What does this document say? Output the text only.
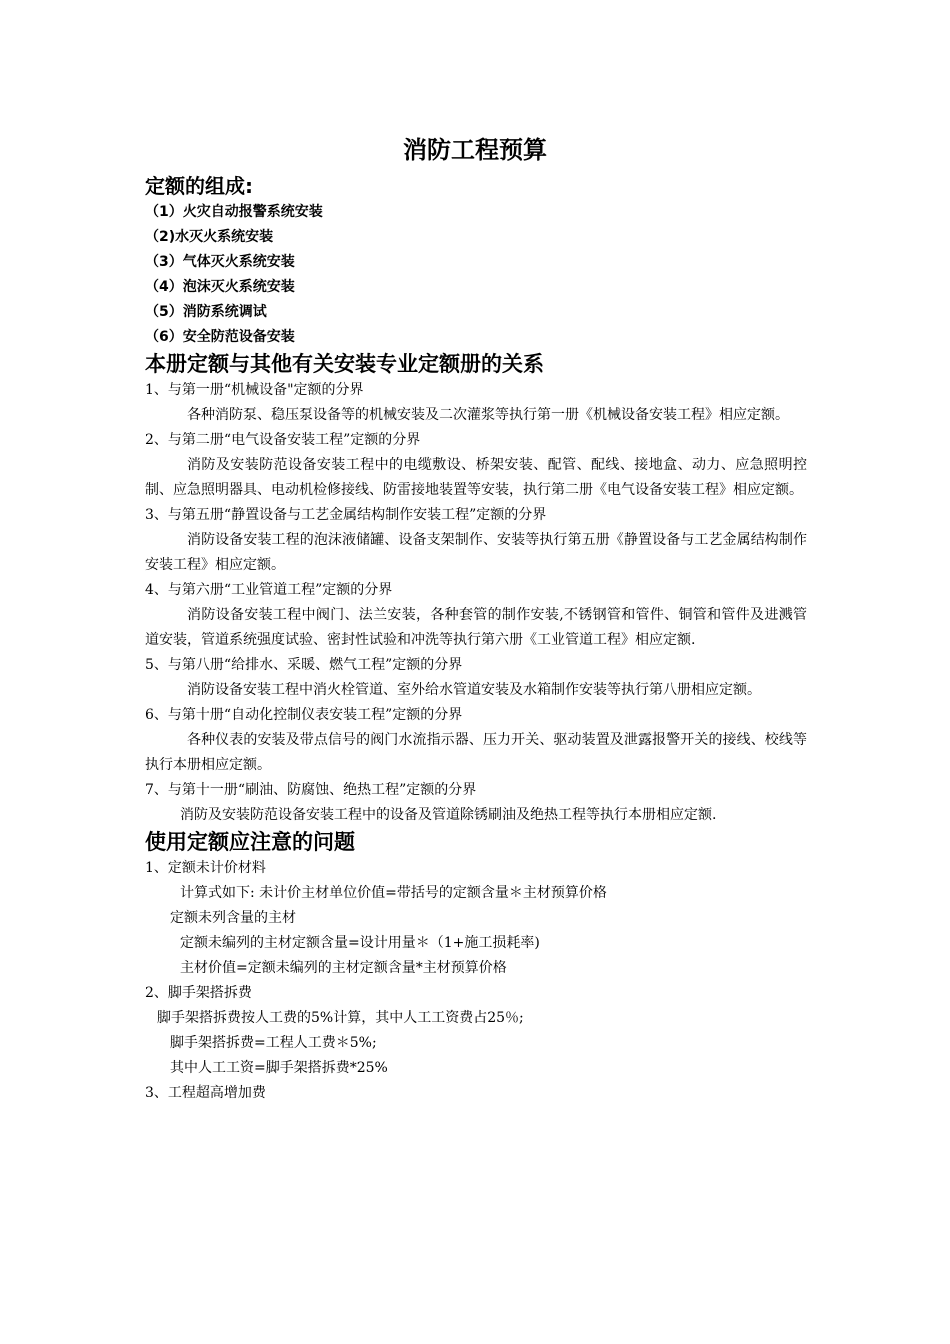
消防工程预算
定额的组成:
（1）火灾自动报警系统安装
（2)水灭火系统安装
（3）气体灭火系统安装
（4）泡沫灭火系统安装
（5）消防系统调试
（6）安全防范设备安装
本册定额与其他有关安装专业定额册的关系
1、与第一册“机械设备"定额的分界
各种消防泵、稳压泵设备等的机械安装及二次灌浆等执行第一册《机械设备安装工程》相应定额。
2、与第二册“电气设备安装工程”定额的分界
消防及安装防范设备安装工程中的电缆敷设、桥架安装、配管、配线、接地盒、动力、应急照明控制、应急照明器具、电动机检修接线、防雷接地装置等安装，执行第二册《电气设备安装工程》相应定额。
3、与第五册“静置设备与工艺金属结构制作安装工程”定额的分界
消防设备安装工程的泡沫液储罐、设备支架制作、安装等执行第五册《静置设备与工艺金属结构制作安装工程》相应定额。
4、与第六册“工业管道工程”定额的分界
消防设备安装工程中阀门、法兰安装，各种套管的制作安装,不锈钢管和管件、铜管和管件及进溅管道安装，管道系统强度试验、密封性试验和冲洗等执行第六册《工业管道工程》相应定额.
5、与第八册“给排水、采暖、燃气工程”定额的分界
消防设备安装工程中消火栓管道、室外给水管道安装及水箱制作安装等执行第八册相应定额。
6、与第十册“自动化控制仪表安装工程”定额的分界
各种仪表的安装及带点信号的阀门水流指示器、压力开关、驱动装置及泄露报警开关的接线、校线等执行本册相应定额。
7、与第十一册“刷油、防腐蚀、绝热工程”定额的分界
消防及安装防范设备安装工程中的设备及管道除锈刷油及绝热工程等执行本册相应定额.
使用定额应注意的问题
1、定额未计价材料
计算式如下: 未计价主材单位价值=带括号的定额含量＊主材预算价格
定额未列含量的主材
定额未编列的主材定额含量=设计用量＊（1+施工损耗率)
主材价值=定额未编列的主材定额含量*主材预算价格
2、脚手架搭拆费
脚手架搭拆费按人工费的5%计算，其中人工工资费占25％;
脚手架搭拆费=工程人工费＊5%;
其中人工工资=脚手架搭拆费*25%
3、工程超高增加费
